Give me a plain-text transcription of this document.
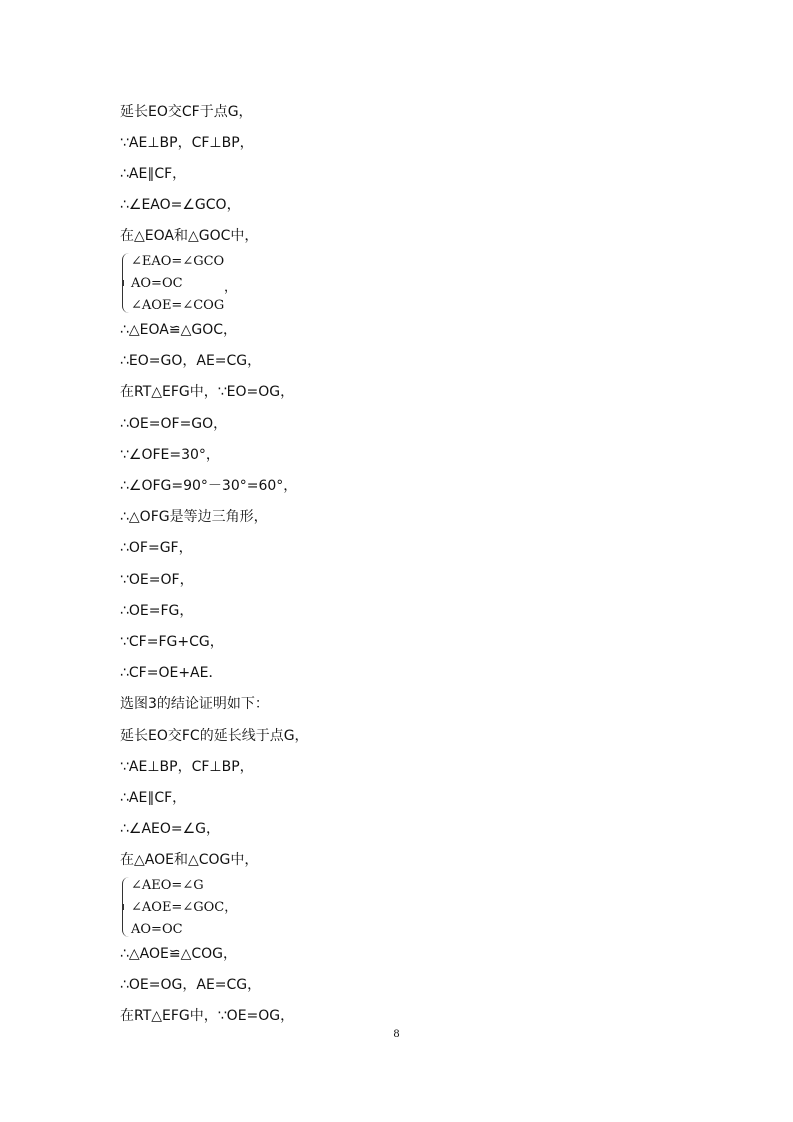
延长EO交CF于点G，
∵AE⊥BP，CF⊥BP，
∴AE∥CF，
∴∠EAO=∠GCO，
在△EOA和△GOC中，
∠EAO=∠GCO
AO=OC	，
∠AOE=∠COG
∴△EOA≌△GOC，
∴EO=GO，AE=CG，
在RT△EFG中，∵EO=OG，
∴OE=OF=GO，
∵∠OFE=30°，
∴∠OFG=90°－30°=60°，
∴△OFG是等边三角形，
∴OF=GF，
∵OE=OF，
∴OE=FG，
∵CF=FG+CG，
∴CF=OE+AE．
选图3的结论证明如下：
延长EO交FC的延长线于点G，
∵AE⊥BP，CF⊥BP，
∴AE∥CF，
∴∠AEO=∠G，
在△AOE和△COG中，
∠AEO=∠G
∠AOE=∠GOC，
AO=OC
∴△AOE≌△COG，
∴OE=OG，AE=CG，
在RT△EFG中，∵OE=OG，
8
